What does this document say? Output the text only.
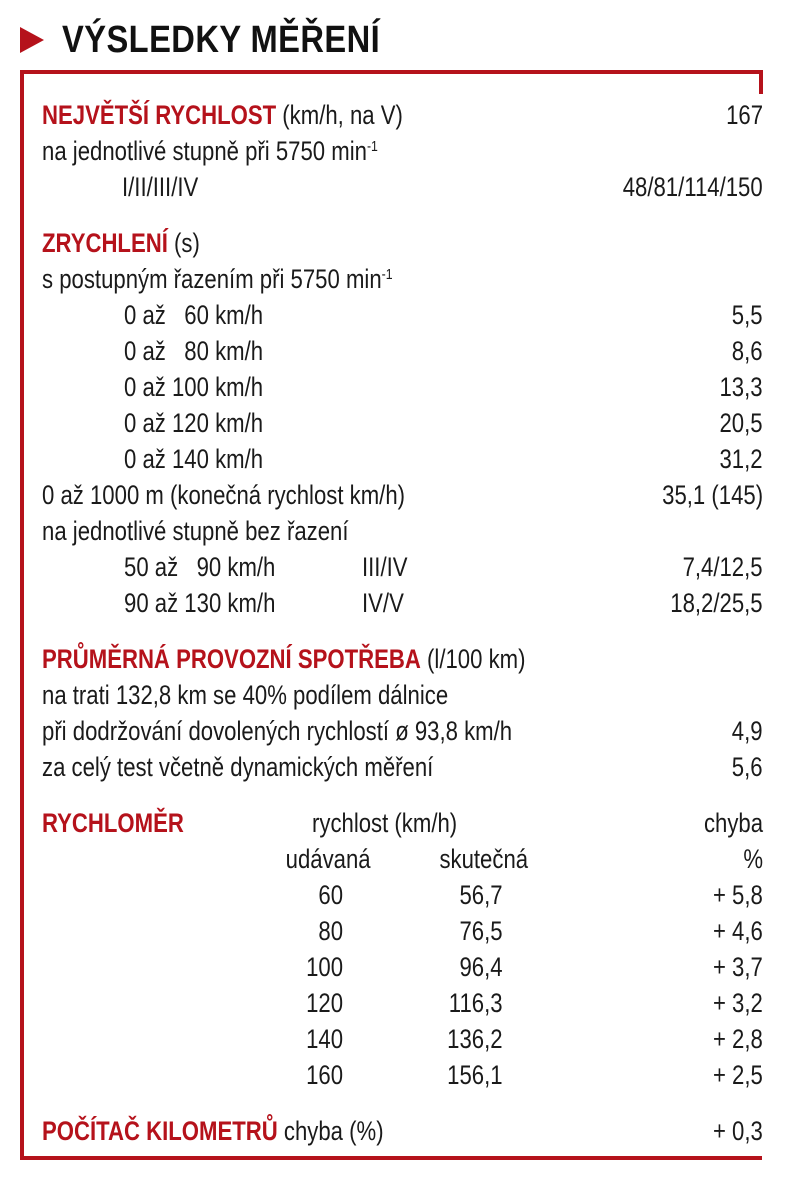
VÝSLEDKY MĚŘENÍ
NEJVĚTŠÍ RYCHLOST (km/h, na V)	167
na jednotlivé stupně při 5750 $\min^{-1}$
I/II/III/IV	48/81/114/150
ZRYCHLENÍ (s)
s postupným řazením při 5750 $\min^{-1}$
0 až   60 km/h	5,5
0 až   80 km/h	8,6
0 až 100 km/h	13,3
0 až 120 km/h	20,5
0 až 140 km/h	31,2
0 až 1000 m (konečná rychlost km/h)	35,1 (145)
na jednotlivé stupně bez řazení
50 až   90 km/h	III/IV	7,4/12,5
90 až 130 km/h	IV/V	18,2/25,5
PRŮMĚRNÁ PROVOZNÍ SPOTŘEBA (l/100 km)
na trati 132,8 km se 40% podílem dálnice
při dodržování dovolených rychlostí ø 93,8 km/h	4,9
za celý test včetně dynamických měření	5,6
RYCHLOMĚR	rychlost (km/h)	chyba
udávaná	skutečná	%
60	56,7	+ 5,8
80	76,5	+ 4,6
100	96,4	+ 3,7
120	116,3	+ 3,2
140	136,2	+ 2,8
160	156,1	+ 2,5
POČÍTAČ KILOMETRŮ chyba (%)	+ 0,3
